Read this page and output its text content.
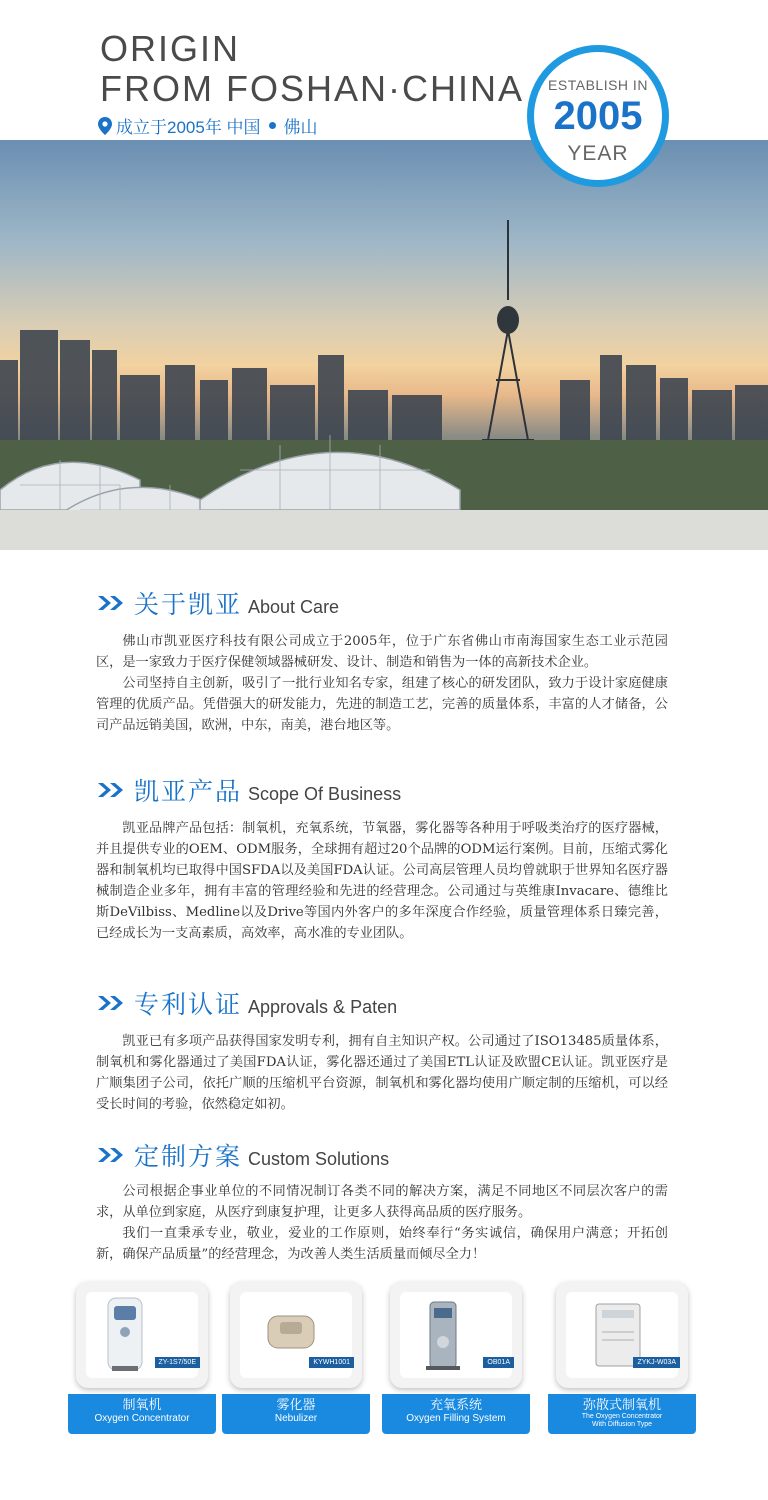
ORIGIN
FROM FOSHAN·CHINA
成立于2005年 中国 佛山
ESTABLISH IN
2005
YEAR
关于凯亚 About Care

佛山市凯亚医疗科技有限公司成立于2005年，位于广东省佛山市南海国家生态工业示范园区，是一家致力于医疗保健领域器械研发、设计、制造和销售为一体的高新技术企业。

公司坚持自主创新，吸引了一批行业知名专家，组建了核心的研发团队，致力于设计家庭健康管理的优质产品。凭借强大的研发能力，先进的制造工艺，完善的质量体系，丰富的人才储备，公司产品远销美国，欧洲，中东，南美，港台地区等。

凯亚产品 Scope Of Business

凯亚品牌产品包括：制氧机，充氧系统，节氧器，雾化器等各种用于呼吸类治疗的医疗器械，并且提供专业的OEM、ODM服务，全球拥有超过20个品牌的ODM运行案例。目前，压缩式雾化器和制氧机均已取得中国SFDA以及美国FDA认证。公司高层管理人员均曾就职于世界知名医疗器械制造企业多年，拥有丰富的管理经验和先进的经营理念。公司通过与英维康Invacare、德维比斯DeVilbiss、Medline以及Drive等国内外客户的多年深度合作经验，质量管理体系日臻完善，已经成长为一支高素质，高效率，高水准的专业团队。

专利认证 Approvals & Paten

凯亚已有多项产品获得国家发明专利，拥有自主知识产权。公司通过了ISO13485质量体系，制氧机和雾化器通过了美国FDA认证，雾化器还通过了美国ETL认证及欧盟CE认证。凯亚医疗是广顺集团子公司，依托广顺的压缩机平台资源，制氧机和雾化器均使用广顺定制的压缩机，可以经受长时间的考验，依然稳定如初。

定制方案 Custom Solutions

公司根据企事业单位的不同情况制订各类不同的解决方案，满足不同地区不同层次客户的需求，从单位到家庭，从医疗到康复护理，让更多人获得高品质的医疗服务。

我们一直秉承专业，敬业，爱业的工作原则，始终奉行“务实诚信，确保用户满意；开拓创新，确保产品质量”的经营理念，为改善人类生活质量而倾尽全力！

ZY-1S7/50E
制氧机
Oxygen Concentrator
KYWH1001
雾化器
Nebulizer
OB01A
充氧系统
Oxygen Filling System
ZYKJ-W03A
弥散式制氧机
The Oxygen Concentrator
With Diffusion Type
